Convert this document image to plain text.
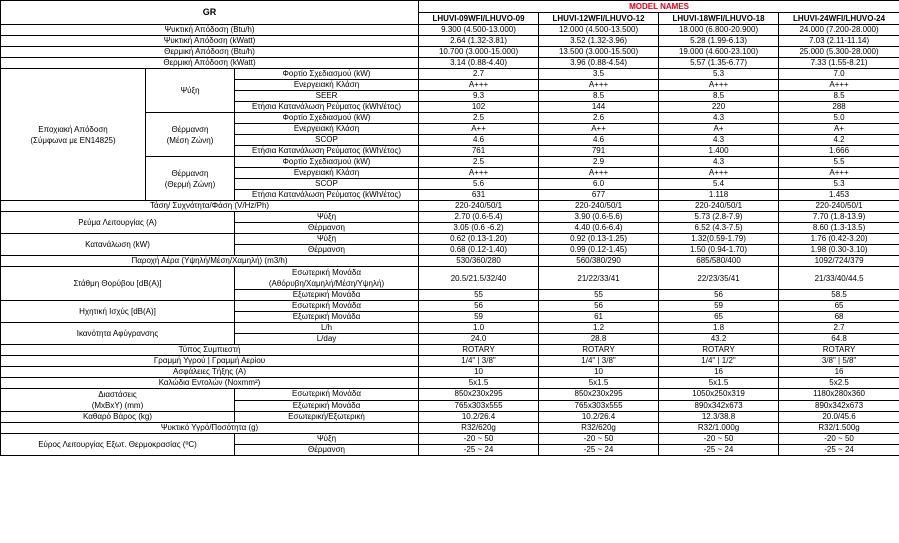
GR			MODEL NAMES			
			LHUVI-09WFI/LHUVO-09	LHUVI-12WFI/LHUVO-12	LHUVI-18WFI/LHUVO-18	LHUVI-24WFI/LHUVO-24
Ψυκτική Απόδοση (Btu/h)			9.300 (4.500-13.000)	12.000 (4.500-13.500)	18.000 (6.800-20.900)	24.000 (7.200-28.000)
Ψυκτική Απόδοση (kWatt)			2.64 (1.32-3.81)	3.52 (1.32-3.96)	5.28 (1.99-6.13)	7.03 (2.11-11.14)
Θερμική Απόδοση (Btu/h)			10.700 (3.000-15.000)	13.500 (3.000-15.500)	19.000 (4.600-23.100)	25.000 (5.300-28.000)
Θερμική Απόδοση (kWatt)			3.14 (0.88-4.40)	3.96 (0.88-4.54)	5.57 (1.35-6.77)	7.33 (1.55-8.21)
Εποχιακή Απόδοση
(Σύμφωνα με EN14825)	Ψύξη	Φορτίο Σχεδιασμού (kW)	2.7	3.5	5.3	7.0
		Ενεργειακή Κλάση	A+++	A+++	A+++	A+++
		SEER	9.3	8.5	8.5	8.5
		Ετήσια Κατανάλωση Ρεύματος (kWh/έτος)	102	144	220	288
	Θέρμανση
(Μέση Ζώνη)	Φορτίο Σχεδιασμού (kW)	2.5	2.6	4.3	5.0
		Ενεργειακή Κλάση	A++	A++	A+	A+
		SCOP	4.6	4.6	4.3	4.2
		Ετήσια Κατανάλωση Ρεύματος (kWh/έτος)	761	791	1.400	1.666
	Θέρμανση
(Θερμή Ζώνη)	Φορτίο Σχεδιασμού (kW)	2.5	2.9	4.3	5.5
		Ενεργειακή Κλάση	A+++	A+++	A+++	A+++
		SCOP	5.6	6.0	5.4	5.3
		Ετήσια Κατανάλωση Ρεύματος (kWh/έτος)	631	677	1.118	1.453
Τάση/ Συχνότητα/Φάση (V/Hz/Ph)			220-240/50/1	220-240/50/1	220-240/50/1	220-240/50/1
Ρεύμα Λειτουργίας (A)		Ψύξη	2.70 (0.6-5.4)	3.90 (0.6-5.6)	5.73 (2.8-7.9)	7.70 (1.8-13.9)
		Θέρμανση	3.05 (0.6 -6.2)	4.40 (0.6-6.4)	6.52 (4.3-7.5)	8.60 (1.3-13.5)
Κατανάλωση (kW)		Ψύξη	0.62 (0.13-1.20)	0.92 (0.13-1.25)	1.32(0.59-1.79)	1.76 (0.42-3.20)
		Θέρμανση	0.68 (0.12-1.40)	0.99 (0.12-1.45)	1.50 (0.94-1.70)	1.98 (0.30-3.10)
Παροχή Αέρα (Υψηλή/Μέση/Χαμηλή) (m3/h)			530/360/280	560/380/290	685/580/400	1092/724/379
Στάθμη Θορύβου [dB(A)]		Εσωτερική Μονάδα
(Αθόρυβη/Χαμηλή/Μέση/Υψηλή)	20.5/21.5/32/40	21/22/33/41	22/23/35/41	21/33/40/44.5
		Εξωτερική Μονάδα	55	55	56	58.5
Ηχητική Ισχύς [dB(A)]		Εσωτερική Μονάδα	56	56	59	65
		Εξωτερική Μονάδα	59	61	65	68
Ικανότητα Αφύγρανσης		L/h	1.0	1.2	1.8	2.7
		L/day	24.0	28.8	43.2	64.8
Τύπος Συμπιεστή			ROTARY	ROTARY	ROTARY	ROTARY
Γραμμή Υγρού | Γραμμή Αερίου			1/4" | 3/8"	1/4" | 3/8"	1/4" | 1/2"	3/8" | 5/8"
Ασφάλειες Τήξης (A)			10	10	16	16
Καλώδια Εντολών (Noxmm²)			5x1.5	5x1.5	5x1.5	5x2.5
Διαστάσεις
(MxBxY) (mm)		Εσωτερική Μονάδα	850x230x295	850x230x295	1050x250x319	1180x280x360
		Εξωτερική Μονάδα	765x303x555	765x303x555	890x342x673	890x342x673
Καθαρό Βάρος (kg)		Εσωτερική/Εξωτερική	10.2/26.4	10.2/26.4	12.3/38.8	20.0/45.6
Ψυκτικό Υγρό/Ποσότητα (g)			R32/620g	R32/620g	R32/1.000g	R32/1.500g
Εύρος Λειτουργίας Εξωτ. Θερμοκρασίας (ºC)		Ψύξη	-20 ~ 50	-20 ~ 50	-20 ~ 50	-20 ~ 50
		Θέρμανση	-25 ~ 24	-25 ~ 24	-25 ~ 24	-25 ~ 24
